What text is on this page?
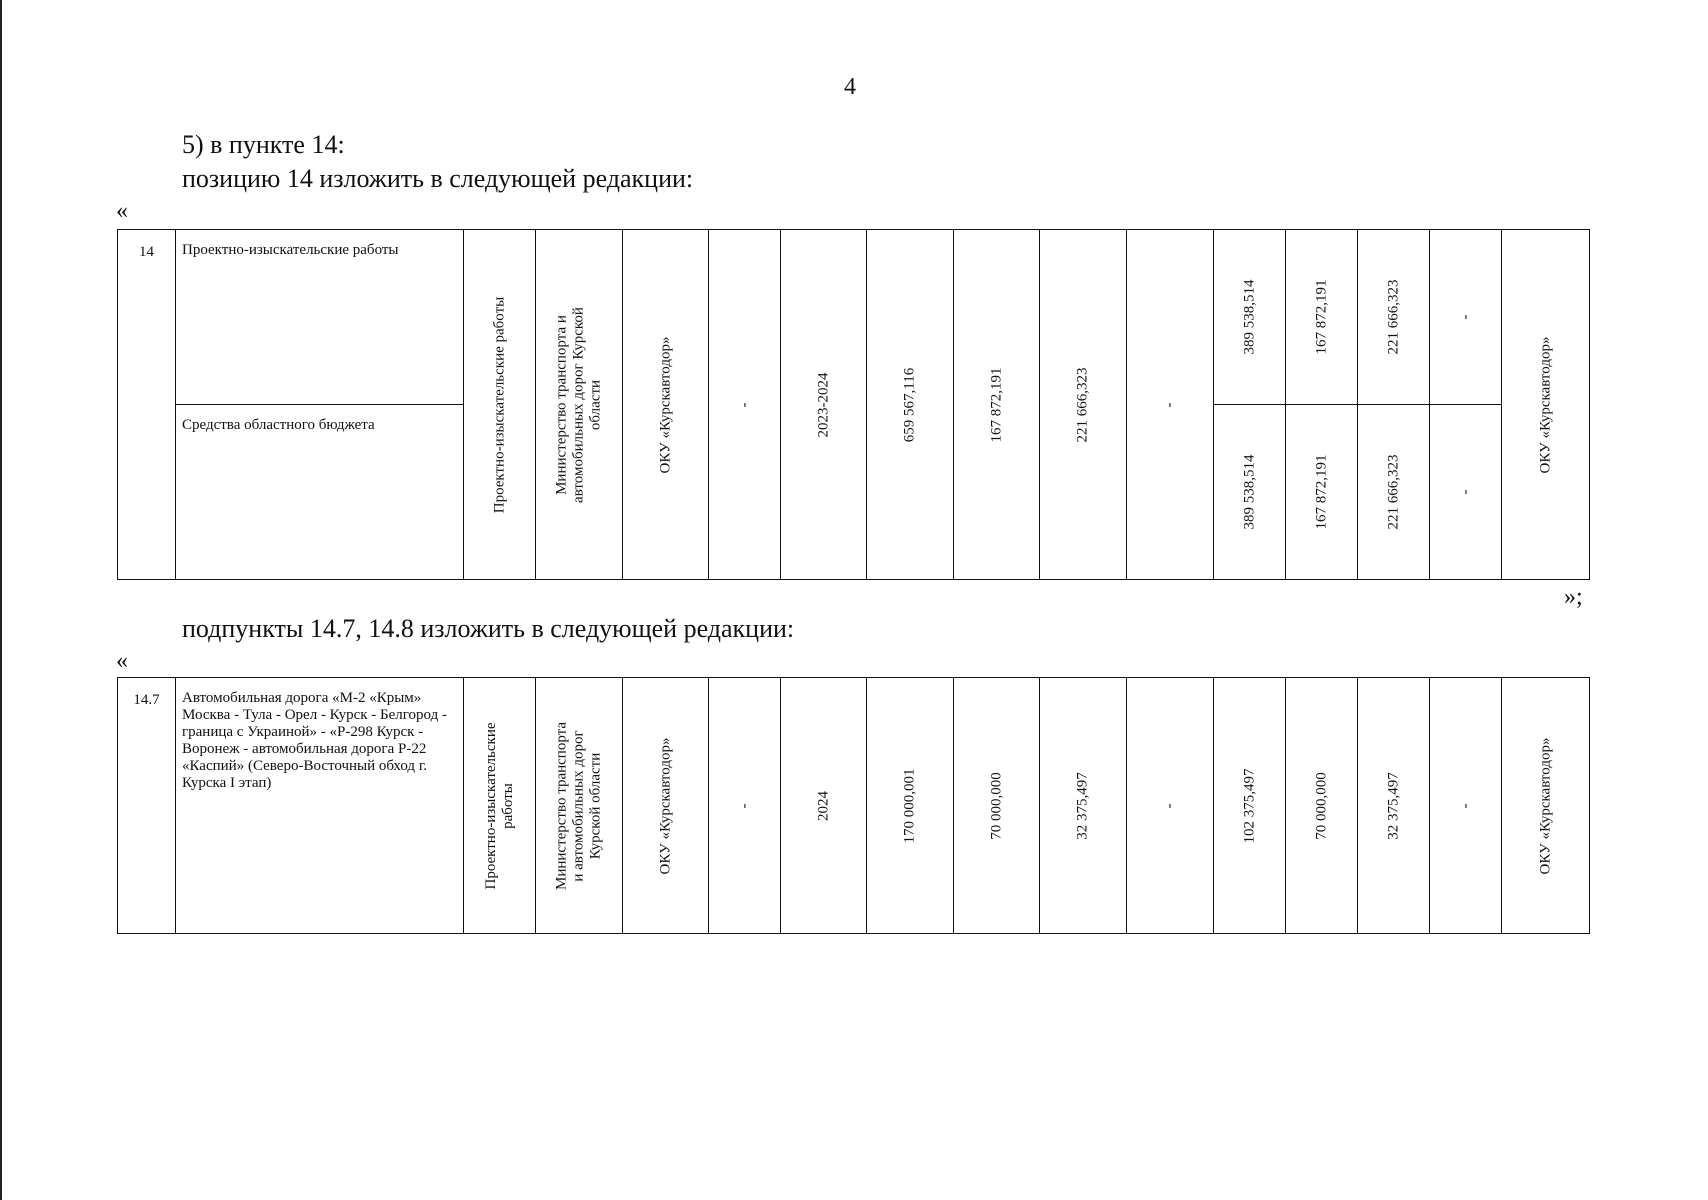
4
5) в пункте 14:
позицию 14 изложить в следующей редакции:
«
14	Проектно-изыскательские работы	Проектно-изыскательские работы	Министерство транспорта и автомобильных дорог Курской области	ОКУ «Курскавтодор»	-	2023-2024	659 567,116	167 872,191	221 666,323	-	389 538,514	167 872,191	221 666,323	-	ОКУ «Курскавтодор»

	Средства областного бюджета										389 538,514	167 872,191	221 666,323	-	
»;
подпункты 14.7, 14.8 изложить в следующей редакции:
«
14.7	Автомобильная дорога «М-2 «Крым» Москва - Тула - Орел - Курск - Белгород - граница с Украиной» - «Р-298 Курск - Воронеж - автомобильная дорога Р-22 «Каспий» (Северо-Восточный обход г. Курска I этап)	Проектно-изыскательские работы	Министерство транспорта и автомобильных дорог Курской области	ОКУ «Курскавтодор»	-	2024	170 000,001	70 000,000	32 375,497	-	102 375,497	70 000,000	32 375,497	-	ОКУ «Курскавтодор»
